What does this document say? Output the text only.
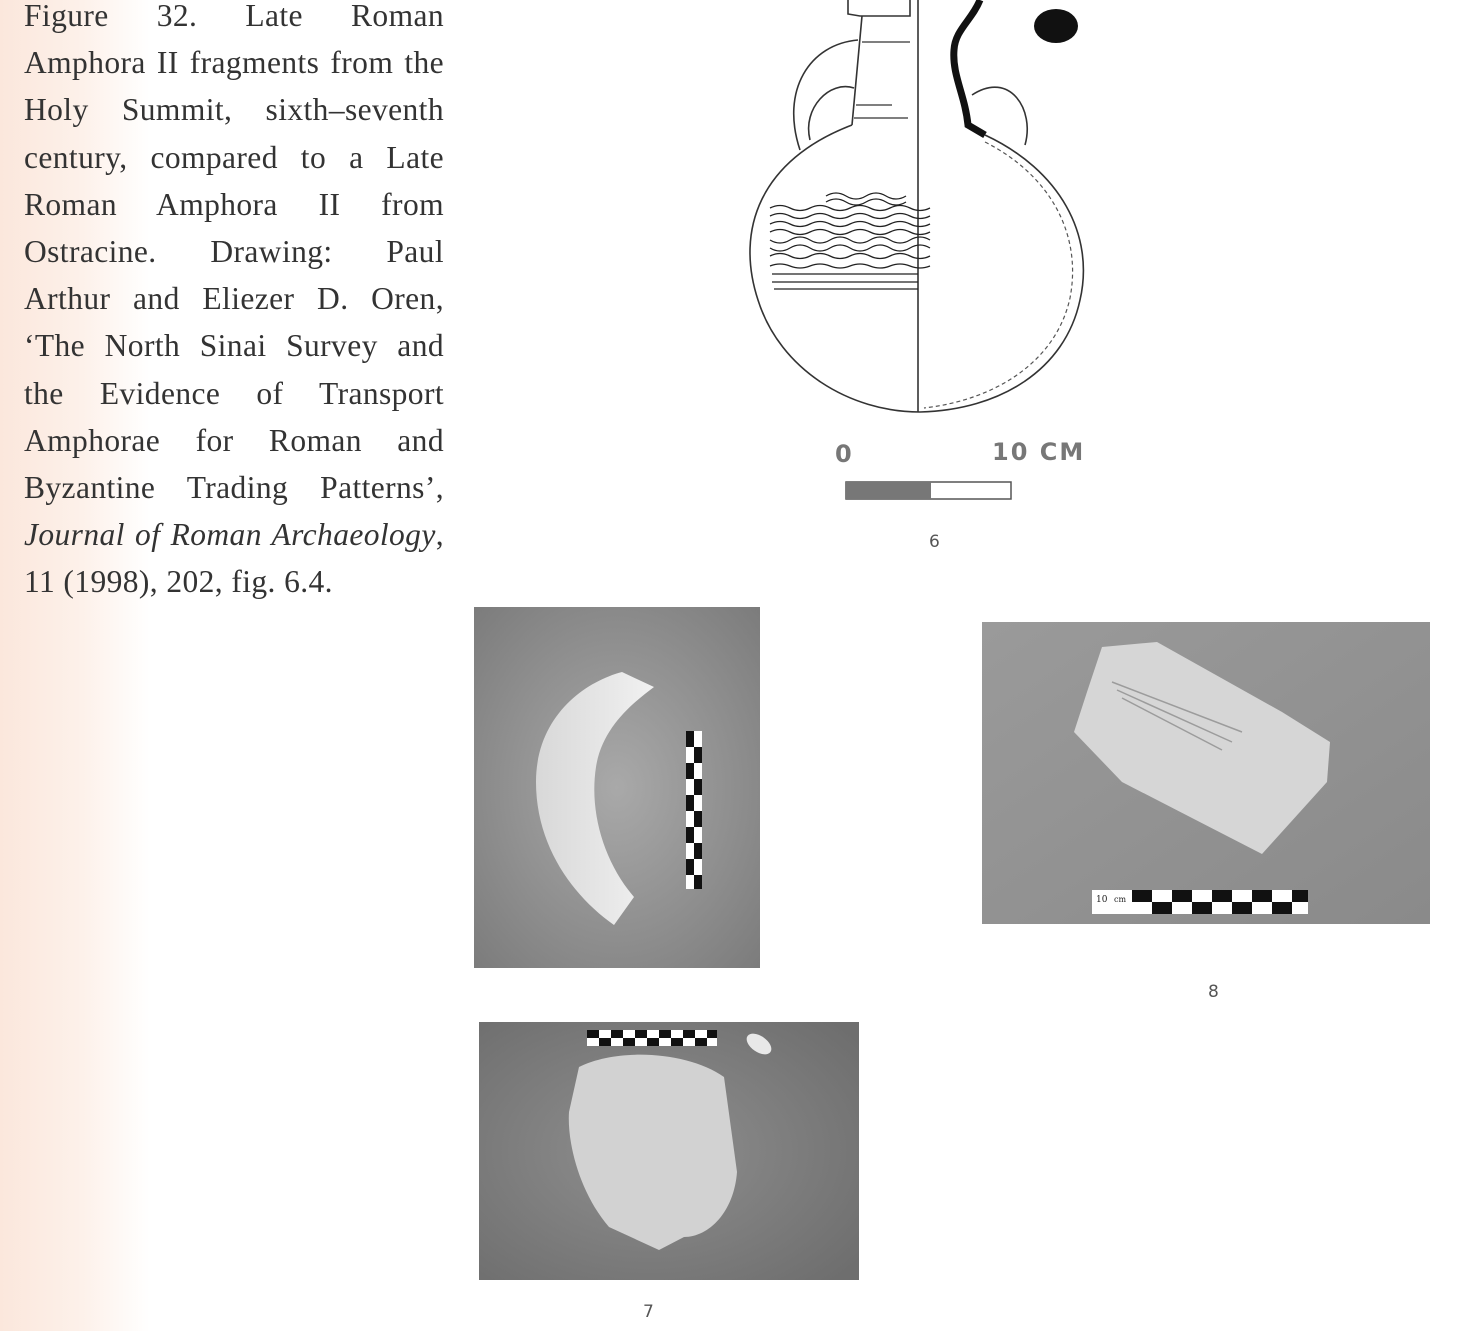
Figure 32. Late Roman Amphora II fragments from the Holy Summit, sixth–seventh century, compared to a Late Roman Amphora II from Ostracine. Drawing: Paul Arthur and Eliezer D. Oren, ‘The North Sinai Survey and the Evidence of Transport Amphorae for Roman and Byzantine Trading Patterns’, Journal of Roman Archaeology, 11 (1998), 202, fig. 6.4.
0	10 CM
6
10 cm
8
7
